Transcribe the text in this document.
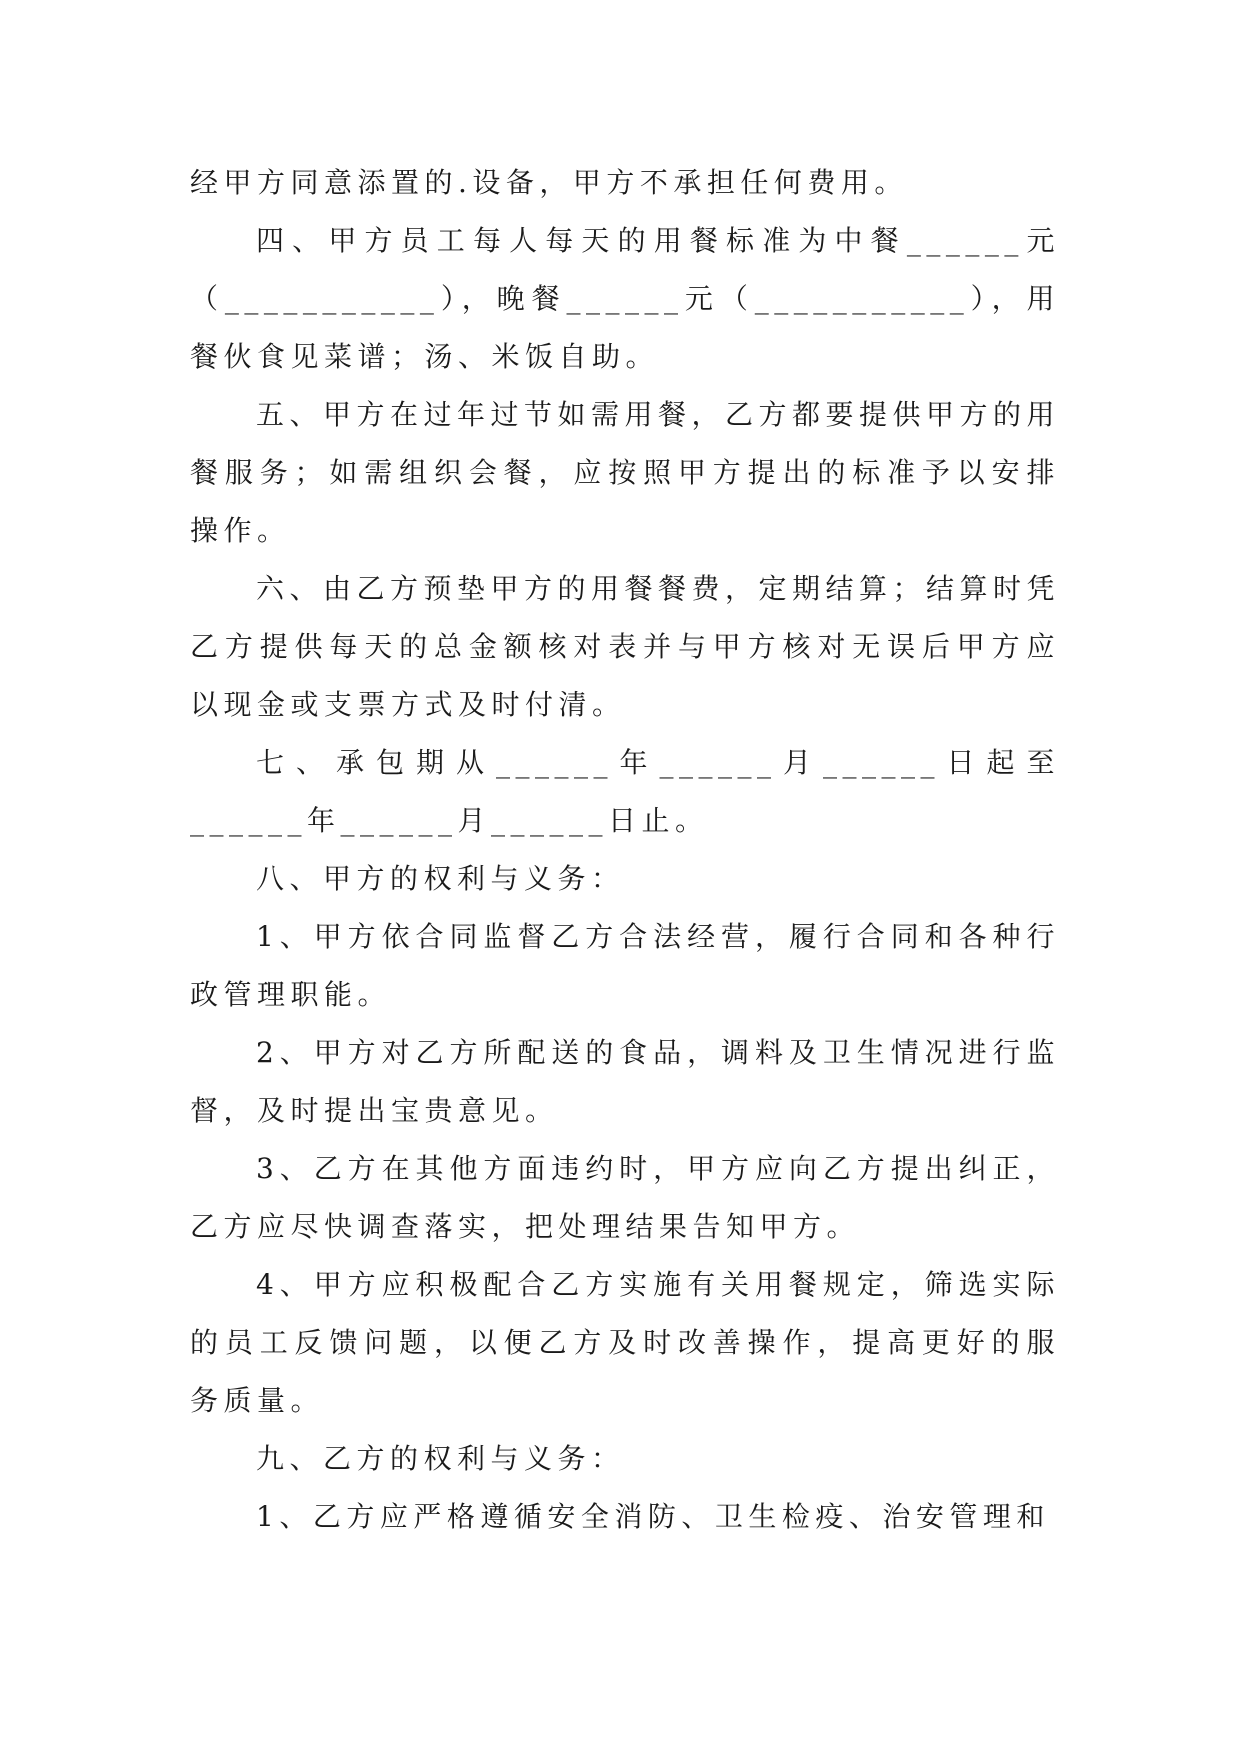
经甲方同意添置的.设备，甲方不承担任何费用。

四、甲方员工每人每天的用餐标准为中餐______元（___________），晚餐______元（___________），用餐伙食见菜谱；汤、米饭自助。

五、甲方在过年过节如需用餐，乙方都要提供甲方的用餐服务；如需组织会餐，应按照甲方提出的标准予以安排操作。

六、由乙方预垫甲方的用餐餐费，定期结算；结算时凭乙方提供每天的总金额核对表并与甲方核对无误后甲方应以现金或支票方式及时付清。

七、承包期从______年______月______日起至______年______月______日止。

八、甲方的权利与义务：

1、甲方依合同监督乙方合法经营，履行合同和各种行政管理职能。

2、甲方对乙方所配送的食品，调料及卫生情况进行监督，及时提出宝贵意见。

3、乙方在其他方面违约时，甲方应向乙方提出纠正，乙方应尽快调查落实，把处理结果告知甲方。

4、甲方应积极配合乙方实施有关用餐规定，筛选实际的员工反馈问题，以便乙方及时改善操作，提高更好的服务质量。

九、乙方的权利与义务：

1、乙方应严格遵循安全消防、卫生检疫、治安管理和
